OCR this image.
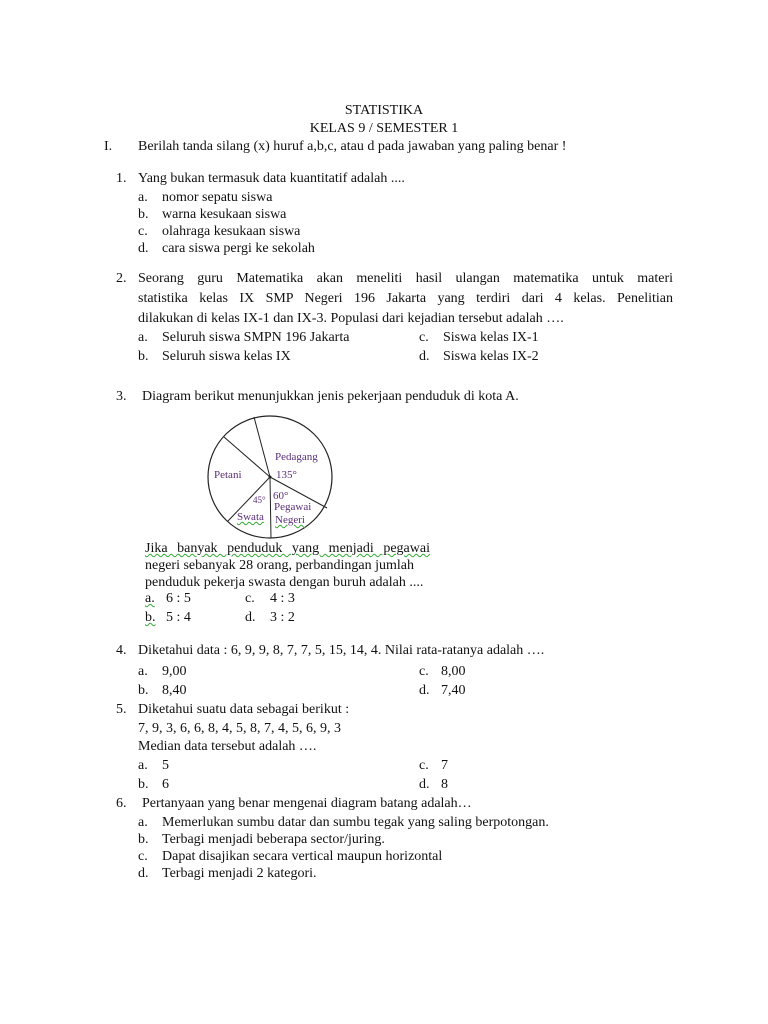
STATISTIKA
KELAS 9 / SEMESTER 1
I. Berilah tanda silang (x) huruf a,b,c, atau d pada jawaban yang paling benar !
1. Yang bukan termasuk data kuantitatif adalah ....
a. nomor sepatu siswa
b. warna kesukaan siswa
c. olahraga kesukaan siswa
d. cara siswa pergi ke sekolah
2. Seorang guru Matematika akan meneliti hasil ulangan matematika untuk materi
statistika kelas IX SMP Negeri 196 Jakarta yang terdiri dari 4 kelas. Penelitian
dilakukan di kelas IX-1 dan IX-3. Populasi dari kejadian tersebut adalah ….
a. Seluruh siswa SMPN 196 Jakarta
b. Seluruh siswa kelas IX
c. Siswa kelas IX-1
d. Siswa kelas IX-2
3. Diagram berikut menunjukkan jenis pekerjaan penduduk di kota A.
Pedagang
135°
Petani
60°
45°
Pegawai
Negeri
Swata
Jika banyak penduduk yang menjadi pegawai
negeri sebanyak 28 orang, perbandingan jumlah
penduduk pekerja swasta dengan buruh adalah ....
a. 6 : 5
b. 5 : 4
c. 4 : 3
d. 3 : 2
4. Diketahui data : 6, 9, 9, 8, 7, 7, 5, 15, 14, 4. Nilai rata-ratanya adalah ….
a. 9,00
b. 8,40
c. 8,00
d. 7,40
5. Diketahui suatu data sebagai berikut :
7, 9, 3, 6, 6, 8, 4, 5, 8, 7, 4, 5, 6, 9, 3
Median data tersebut adalah ….
a. 5
b. 6
c. 7
d. 8
6. Pertanyaan yang benar mengenai diagram batang adalah…
a. Memerlukan sumbu datar dan sumbu tegak yang saling berpotongan.
b. Terbagi menjadi beberapa sector/juring.
c. Dapat disajikan secara vertical maupun horizontal
d. Terbagi menjadi 2 kategori.
